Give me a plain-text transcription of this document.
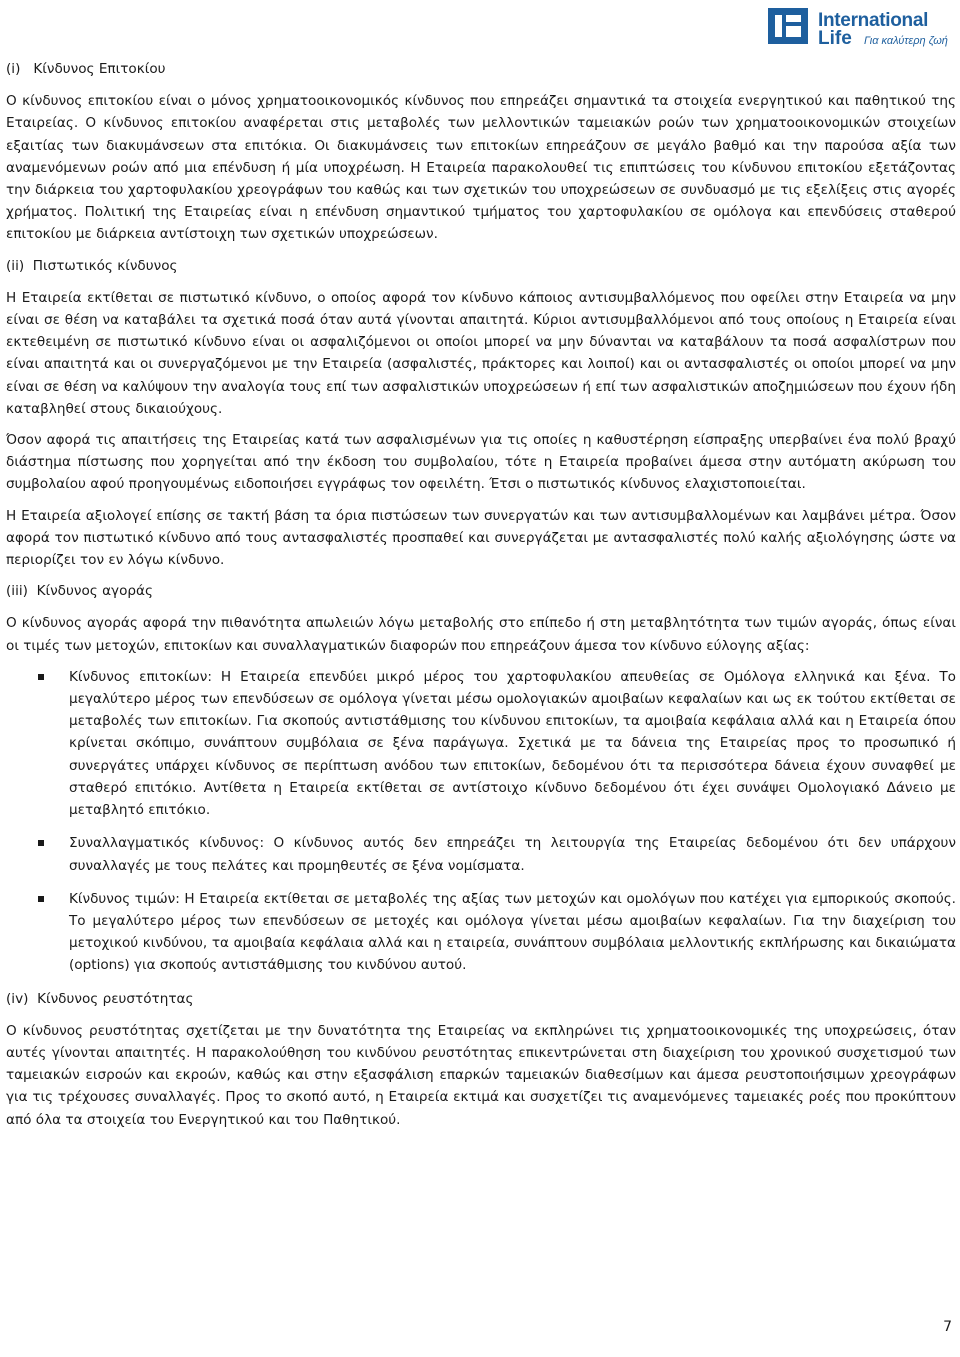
International
Life Για καλύτερη ζωή

(i)   Κίνδυνος Επιτοκίου

Ο κίνδυνος επιτοκίου είναι ο μόνος χρηματοοικονομικός κίνδυνος που επηρεάζει σημαντικά τα στοιχεία ενεργητικού και παθητικού της Εταιρείας. Ο κίνδυνος επιτοκίου αναφέρεται στις μεταβολές των μελλοντικών ταμειακών ροών των χρηματοοικονομικών στοιχείων εξαιτίας των διακυμάνσεων στα επιτόκια. Οι διακυμάνσεις των επιτοκίων επηρεάζουν σε μεγάλο βαθμό και την παρούσα αξία των αναμενόμενων ροών από μια επένδυση ή μία υποχρέωση. Η Εταιρεία παρακολουθεί τις επιπτώσεις του κίνδυνου επιτοκίου εξετάζοντας την διάρκεια του χαρτοφυλακίου χρεογράφων του καθώς και των σχετικών του υποχρεώσεων σε συνδυασμό με τις εξελίξεις στις αγορές χρήματος. Πολιτική της Εταιρείας είναι η επένδυση σημαντικού τμήματος του χαρτοφυλακίου σε ομόλογα και επενδύσεις σταθερού επιτοκίου με διάρκεια αντίστοιχη των σχετικών υποχρεώσεων.

(ii)  Πιστωτικός κίνδυνος

Η Εταιρεία εκτίθεται σε πιστωτικό κίνδυνο, ο οποίος αφορά τον κίνδυνο κάποιος αντισυμβαλλόμενος που οφείλει στην Εταιρεία να μην είναι σε θέση να καταβάλει τα σχετικά ποσά όταν αυτά γίνονται απαιτητά. Κύριοι αντισυμβαλλόμενοι από τους οποίους η Εταιρεία είναι εκτεθειμένη σε πιστωτικό κίνδυνο είναι οι ασφαλιζόμενοι οι οποίοι μπορεί να μην δύνανται να καταβάλουν τα ποσά ασφαλίστρων που είναι απαιτητά και οι συνεργαζόμενοι με την Εταιρεία (ασφαλιστές, πράκτορες και λοιποί) και οι αντασφαλιστές οι οποίοι μπορεί να μην είναι σε θέση να καλύψουν την αναλογία τους επί των ασφαλιστικών υποχρεώσεων ή επί των ασφαλιστικών αποζημιώσεων που έχουν ήδη καταβληθεί στους δικαιούχους.

Όσον αφορά τις απαιτήσεις της Εταιρείας κατά των ασφαλισμένων για τις οποίες η καθυστέρηση είσπραξης υπερβαίνει ένα πολύ βραχύ διάστημα πίστωσης που χορηγείται από την έκδοση του συμβολαίου, τότε η Εταιρεία προβαίνει άμεσα στην αυτόματη ακύρωση του συμβολαίου αφού προηγουμένως ειδοποιήσει εγγράφως τον οφειλέτη. Έτσι ο πιστωτικός κίνδυνος ελαχιστοποιείται.

Η Εταιρεία αξιολογεί επίσης σε τακτή βάση τα όρια πιστώσεων των συνεργατών και των αντισυμβαλλομένων και λαμβάνει μέτρα. Όσον αφορά τον πιστωτικό κίνδυνο από τους αντασφαλιστές προσπαθεί και συνεργάζεται με αντασφαλιστές πολύ καλής αξιολόγησης ώστε να περιορίζει τον εν λόγω κίνδυνο.

(iii)  Κίνδυνος αγοράς

Ο κίνδυνος αγοράς αφορά την πιθανότητα απωλειών λόγω μεταβολής στο επίπεδο ή στη μεταβλητότητα των τιμών αγοράς, όπως είναι οι τιμές των μετοχών, επιτοκίων και συναλλαγματικών διαφορών που επηρεάζουν άμεσα τον κίνδυνο εύλογης αξίας:

Κίνδυνος επιτοκίων: Η Εταιρεία επενδύει μικρό μέρος του χαρτοφυλακίου απευθείας σε Ομόλογα ελληνικά και ξένα. Το μεγαλύτερο μέρος των επενδύσεων σε ομόλογα γίνεται μέσω ομολογιακών αμοιβαίων κεφαλαίων και ως εκ τούτου εκτίθεται σε μεταβολές των επιτοκίων. Για σκοπούς αντιστάθμισης του κίνδυνου επιτοκίων, τα αμοιβαία κεφάλαια αλλά και η Εταιρεία όπου κρίνεται σκόπιμο, συνάπτουν συμβόλαια σε ξένα παράγωγα. Σχετικά με τα δάνεια της Εταιρείας προς το προσωπικό ή συνεργάτες υπάρχει κίνδυνος σε περίπτωση ανόδου των επιτοκίων, δεδομένου ότι τα περισσότερα δάνεια έχουν συναφθεί με σταθερό επιτόκιο. Αντίθετα η Εταιρεία εκτίθεται σε αντίστοιχο κίνδυνο δεδομένου ότι έχει συνάψει Ομολογιακό Δάνειο με μεταβλητό επιτόκιο.
Συναλλαγματικός κίνδυνος: Ο κίνδυνος αυτός δεν επηρεάζει τη λειτουργία της Εταιρείας δεδομένου ότι δεν υπάρχουν συναλλαγές με τους πελάτες και προμηθευτές σε ξένα νομίσματα.
Κίνδυνος τιμών: Η Εταιρεία εκτίθεται σε μεταβολές της αξίας των μετοχών και ομολόγων που κατέχει για εμπορικούς σκοπούς. Το μεγαλύτερο μέρος των επενδύσεων σε μετοχές και ομόλογα γίνεται μέσω αμοιβαίων κεφαλαίων. Για την διαχείριση του μετοχικού κινδύνου, τα αμοιβαία κεφάλαια αλλά και η εταιρεία, συνάπτουν συμβόλαια μελλοντικής εκπλήρωσης και δικαιώματα (options) για σκοπούς αντιστάθμισης του κινδύνου αυτού.

(iv)  Κίνδυνος ρευστότητας

Ο κίνδυνος ρευστότητας σχετίζεται με την δυνατότητα της Εταιρείας να εκπληρώνει τις χρηματοοικονομικές της υποχρεώσεις, όταν αυτές γίνονται απαιτητές. Η παρακολούθηση του κινδύνου ρευστότητας επικεντρώνεται στη διαχείριση του χρονικού συσχετισμού των ταμειακών εισροών και εκροών, καθώς και στην εξασφάλιση επαρκών ταμειακών διαθεσίμων και άμεσα ρευστοποιήσιμων χρεογράφων για τις τρέχουσες συναλλαγές. Προς το σκοπό αυτό, η Εταιρεία εκτιμά και συσχετίζει τις αναμενόμενες ταμειακές ροές που προκύπτουν από όλα τα στοιχεία του Ενεργητικού και του Παθητικού.

7
